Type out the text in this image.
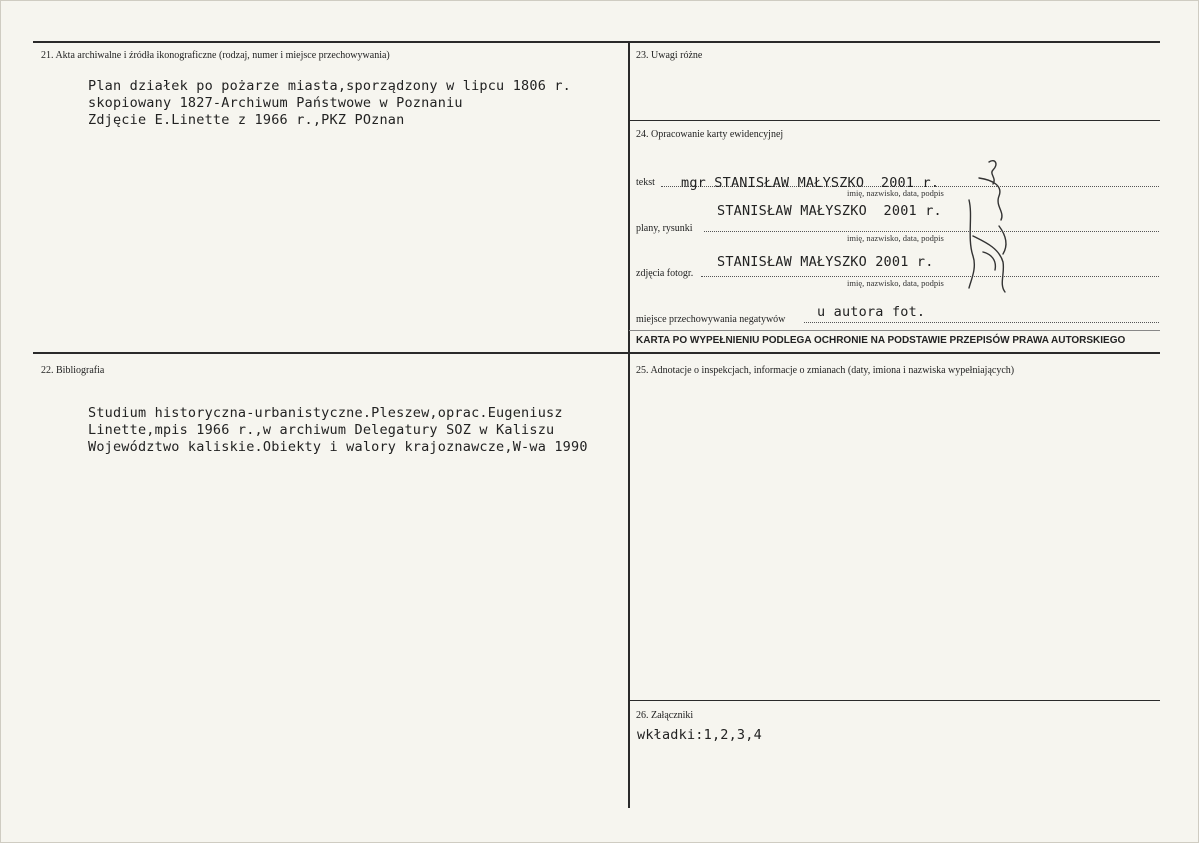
21. Akta archiwalne i źródła ikonograficzne (rodzaj, numer i miejsce przechowywania)
Plan działek po pożarze miasta,sporządzony w lipcu 1806 r.
skopiowany 1827-Archiwum Państwowe w Poznaniu
Zdjęcie E.Linette z 1966 r.,PKZ POznan
22. Bibliografia
Studium historyczna-urbanistyczne.Pleszew,oprac.Eugeniusz
Linette,mpis 1966 r.,w archiwum Delegatury SOZ w Kaliszu
Województwo kaliskie.Obiekty i walory krajoznawcze,W-wa 1990
23. Uwagi różne
24. Opracowanie karty ewidencyjnej
tekst mgr STANISŁAW MAŁYSZKO  2001 r.
imię, nazwisko, data, podpis
STANISŁAW MAŁYSZKO  2001 r.
plany, rysunki
imię, nazwisko, data, podpis
STANISŁAW MAŁYSZKO 2001 r.
zdjęcia fotogr.
imię, nazwisko, data, podpis
miejsce przechowywania negatywów u autora fot.
KARTA PO WYPEŁNIENIU PODLEGA OCHRONIE NA PODSTAWIE PRZEPISÓW PRAWA AUTORSKIEGO
25. Adnotacje o inspekcjach, informacje o zmianach (daty, imiona i nazwiska wypełniających)
26. Załączniki
wkładki:1,2,3,4
